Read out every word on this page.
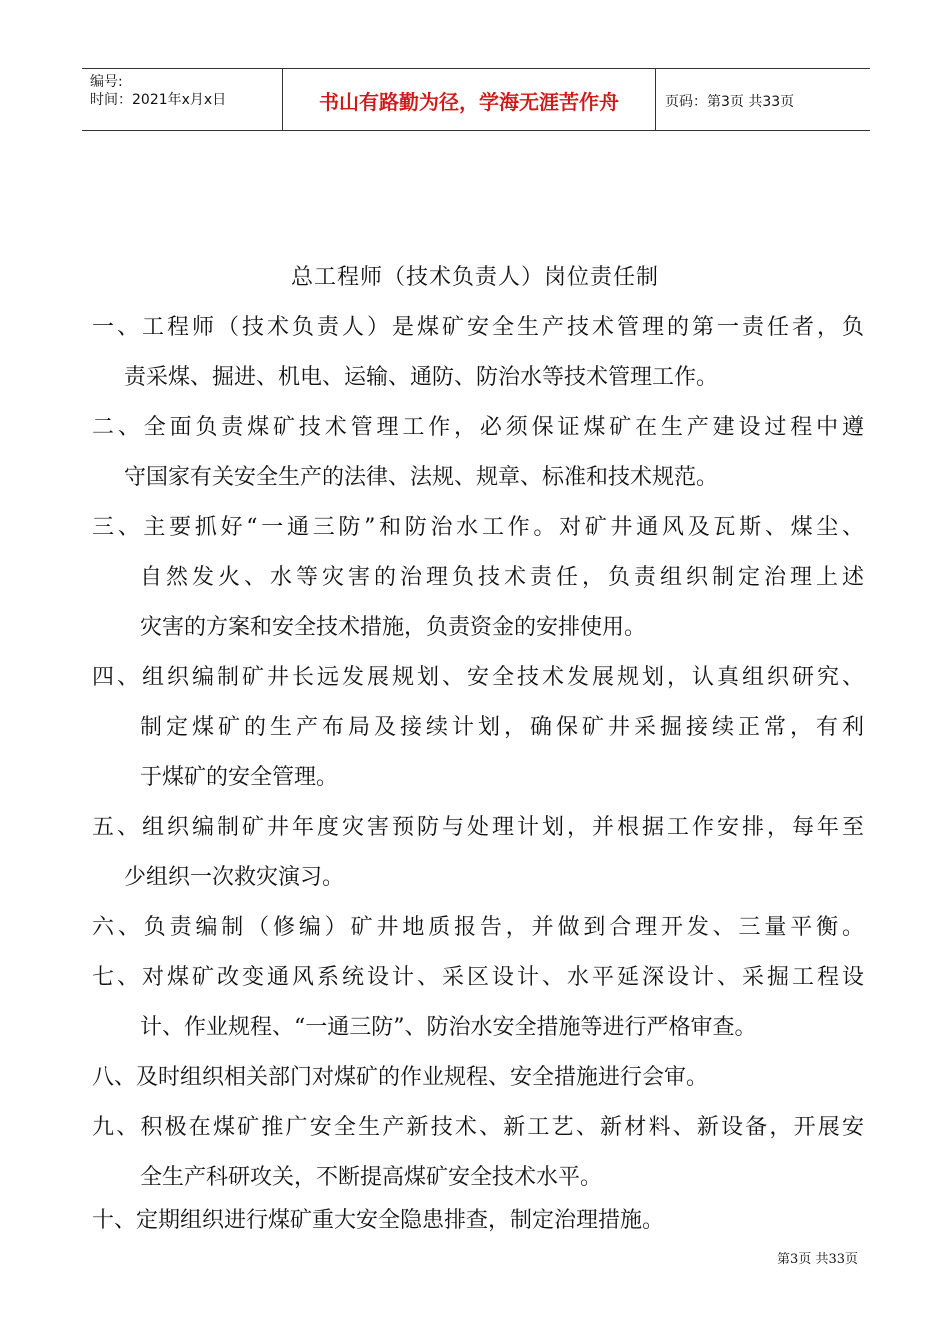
编号:
时间：2021年x月x日	书山有路勤为径，学海无涯苦作舟	页码：第3页 共33页
总工程师（技术负责人）岗位责任制
一、工程师（技术负责人）是煤矿安全生产技术管理的第一责任者，负
责采煤、掘进、机电、运输、通防、防治水等技术管理工作。
二、全面负责煤矿技术管理工作，必须保证煤矿在生产建设过程中遵
守国家有关安全生产的法律、法规、规章、标准和技术规范。
三、主要抓好“一通三防”和防治水工作。对矿井通风及瓦斯、煤尘、
自然发火、水等灾害的治理负技术责任，负责组织制定治理上述
灾害的方案和安全技术措施，负责资金的安排使用。
四、组织编制矿井长远发展规划、安全技术发展规划，认真组织研究、
制定煤矿的生产布局及接续计划，确保矿井采掘接续正常，有利
于煤矿的安全管理。
五、组织编制矿井年度灾害预防与处理计划，并根据工作安排，每年至
少组织一次救灾演习。
六、负责编制（修编）矿井地质报告，并做到合理开发、三量平衡。
七、对煤矿改变通风系统设计、采区设计、水平延深设计、采掘工程设
计、作业规程、“一通三防”、防治水安全措施等进行严格审查。
八、及时组织相关部门对煤矿的作业规程、安全措施进行会审。
九、积极在煤矿推广安全生产新技术、新工艺、新材料、新设备，开展安
全生产科研攻关，不断提高煤矿安全技术水平。
十、定期组织进行煤矿重大安全隐患排查，制定治理措施。
第3页 共33页
